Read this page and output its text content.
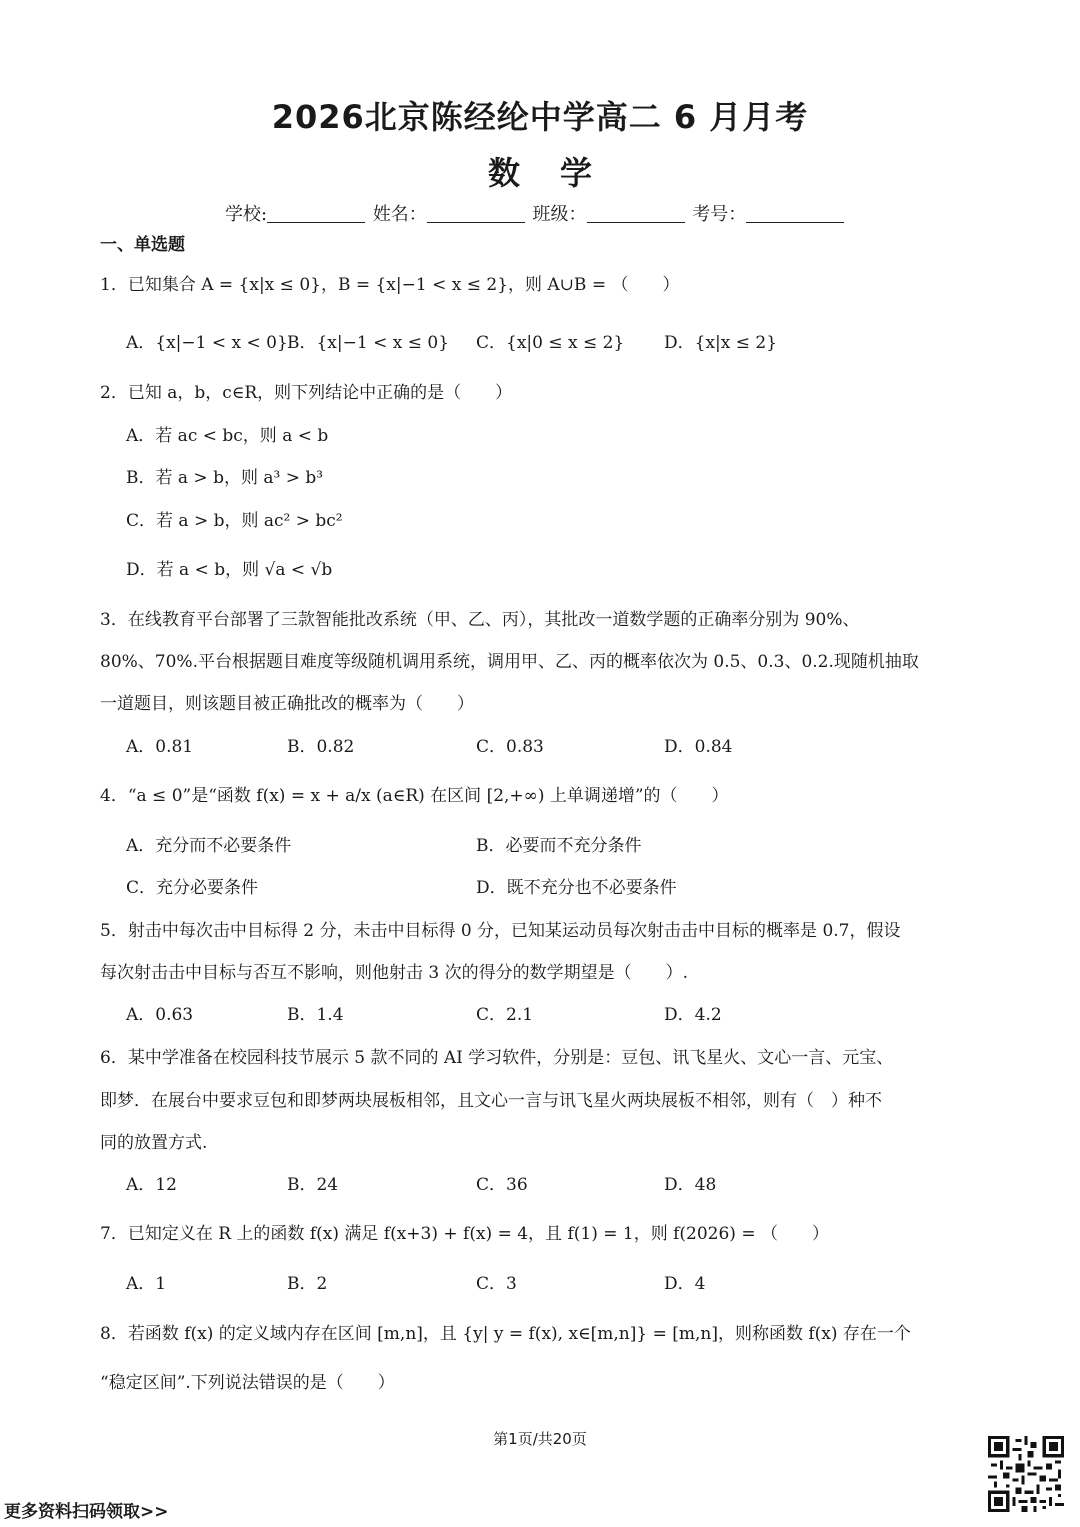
2026北京陈经纶中学高二 6 月月考
数学
学校:	姓名：	班级：	考号：
一、单选题
1．已知集合 A = {x|x ≤ 0}，B = {x|−1 < x ≤ 2}，则 A∪B = （　　）
A．{x|−1 < x < 0} B．{x|−1 < x ≤ 0} C．{x|0 ≤ x ≤ 2} D．{x|x ≤ 2}
2．已知 a，b，c∈R，则下列结论中正确的是（　　）
A．若 ac < bc，则 a < b
B．若 a > b，则 a³ > b³
C．若 a > b，则 ac² > bc²
D．若 a < b，则 √a < √b
3．在线教育平台部署了三款智能批改系统（甲、乙、丙），其批改一道数学题的正确率分别为 90%、
80%、70%.平台根据题目难度等级随机调用系统，调用甲、乙、丙的概率依次为 0.5、0.3、0.2.现随机抽取
一道题目，则该题目被正确批改的概率为（　　）
A．0.81	B．0.82	C．0.83	D．0.84
4．“a ≤ 0”是“函数 f(x) = x + a/x (a∈R) 在区间 [2,+∞) 上单调递增”的（　　）
A．充分而不必要条件	B．必要而不充分条件
C．充分必要条件	D．既不充分也不必要条件
5．射击中每次击中目标得 2 分，未击中目标得 0 分，已知某运动员每次射击击中目标的概率是 0.7，假设
每次射击击中目标与否互不影响，则他射击 3 次的得分的数学期望是（　　）.
A．0.63	B．1.4	C．2.1	D．4.2
6．某中学准备在校园科技节展示 5 款不同的 AI 学习软件，分别是：豆包、讯飞星火、文心一言、元宝、
即梦．在展台中要求豆包和即梦两块展板相邻，且文心一言与讯飞星火两块展板不相邻，则有（　）种不
同的放置方式.
A．12	B．24	C．36	D．48
7．已知定义在 R 上的函数 f(x) 满足 f(x+3) + f(x) = 4，且 f(1) = 1，则 f(2026) = （　　）
A．1	B．2	C．3	D．4
8．若函数 f(x) 的定义域内存在区间 [m,n]，且 {y| y = f(x), x∈[m,n]} = [m,n]，则称函数 f(x) 存在一个
“稳定区间”.下列说法错误的是（　　）
第1页/共20页
更多资料扫码领取>>
